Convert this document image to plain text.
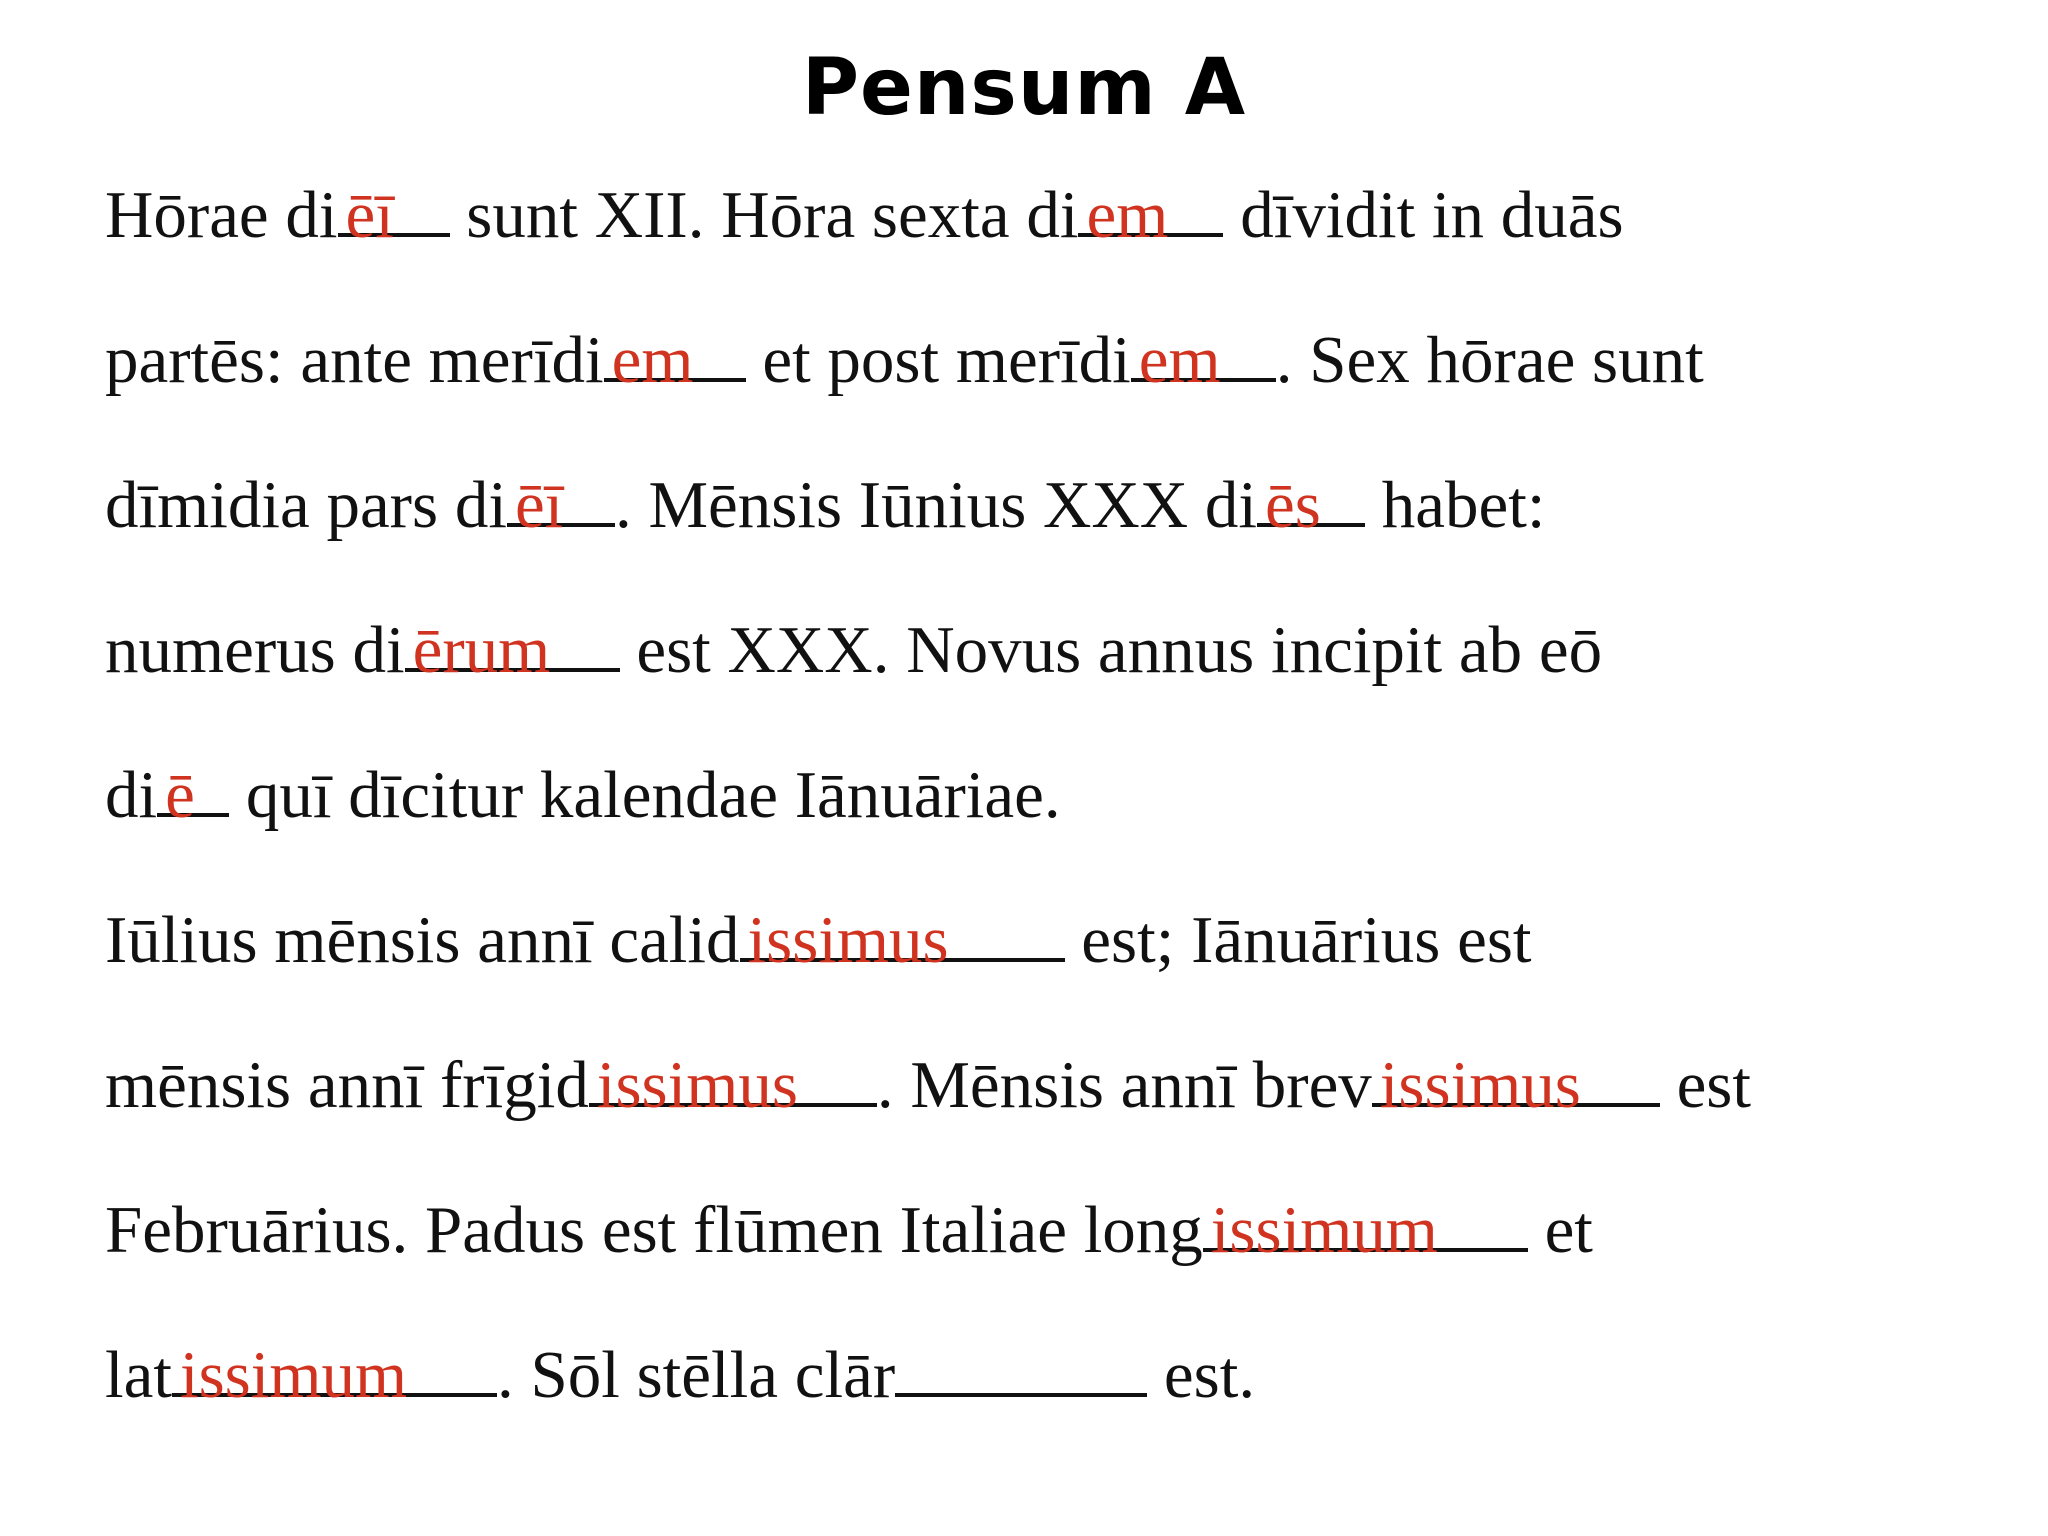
Pensum A
Hōrae di ēī sunt XII. Hōra sexta di em dīvidit in duās
partēs: ante merīdi em et post merīdi em . Sex hōrae sunt
dīmidia pars di ēī . Mēnsis Iūnius XXX di ēs habet:
numerus di ērum est XXX. Novus annus incipit ab eō
di ē quī dīcitur kalendae Iānuāriae.
Iūlius mēnsis annī calid issimus est; Iānuārius est
mēnsis annī frīgid issimus . Mēnsis annī brev issimus est
Februārius. Padus est flūmen Italiae long issimum et
lat issimum . Sōl stēlla clār	est.
